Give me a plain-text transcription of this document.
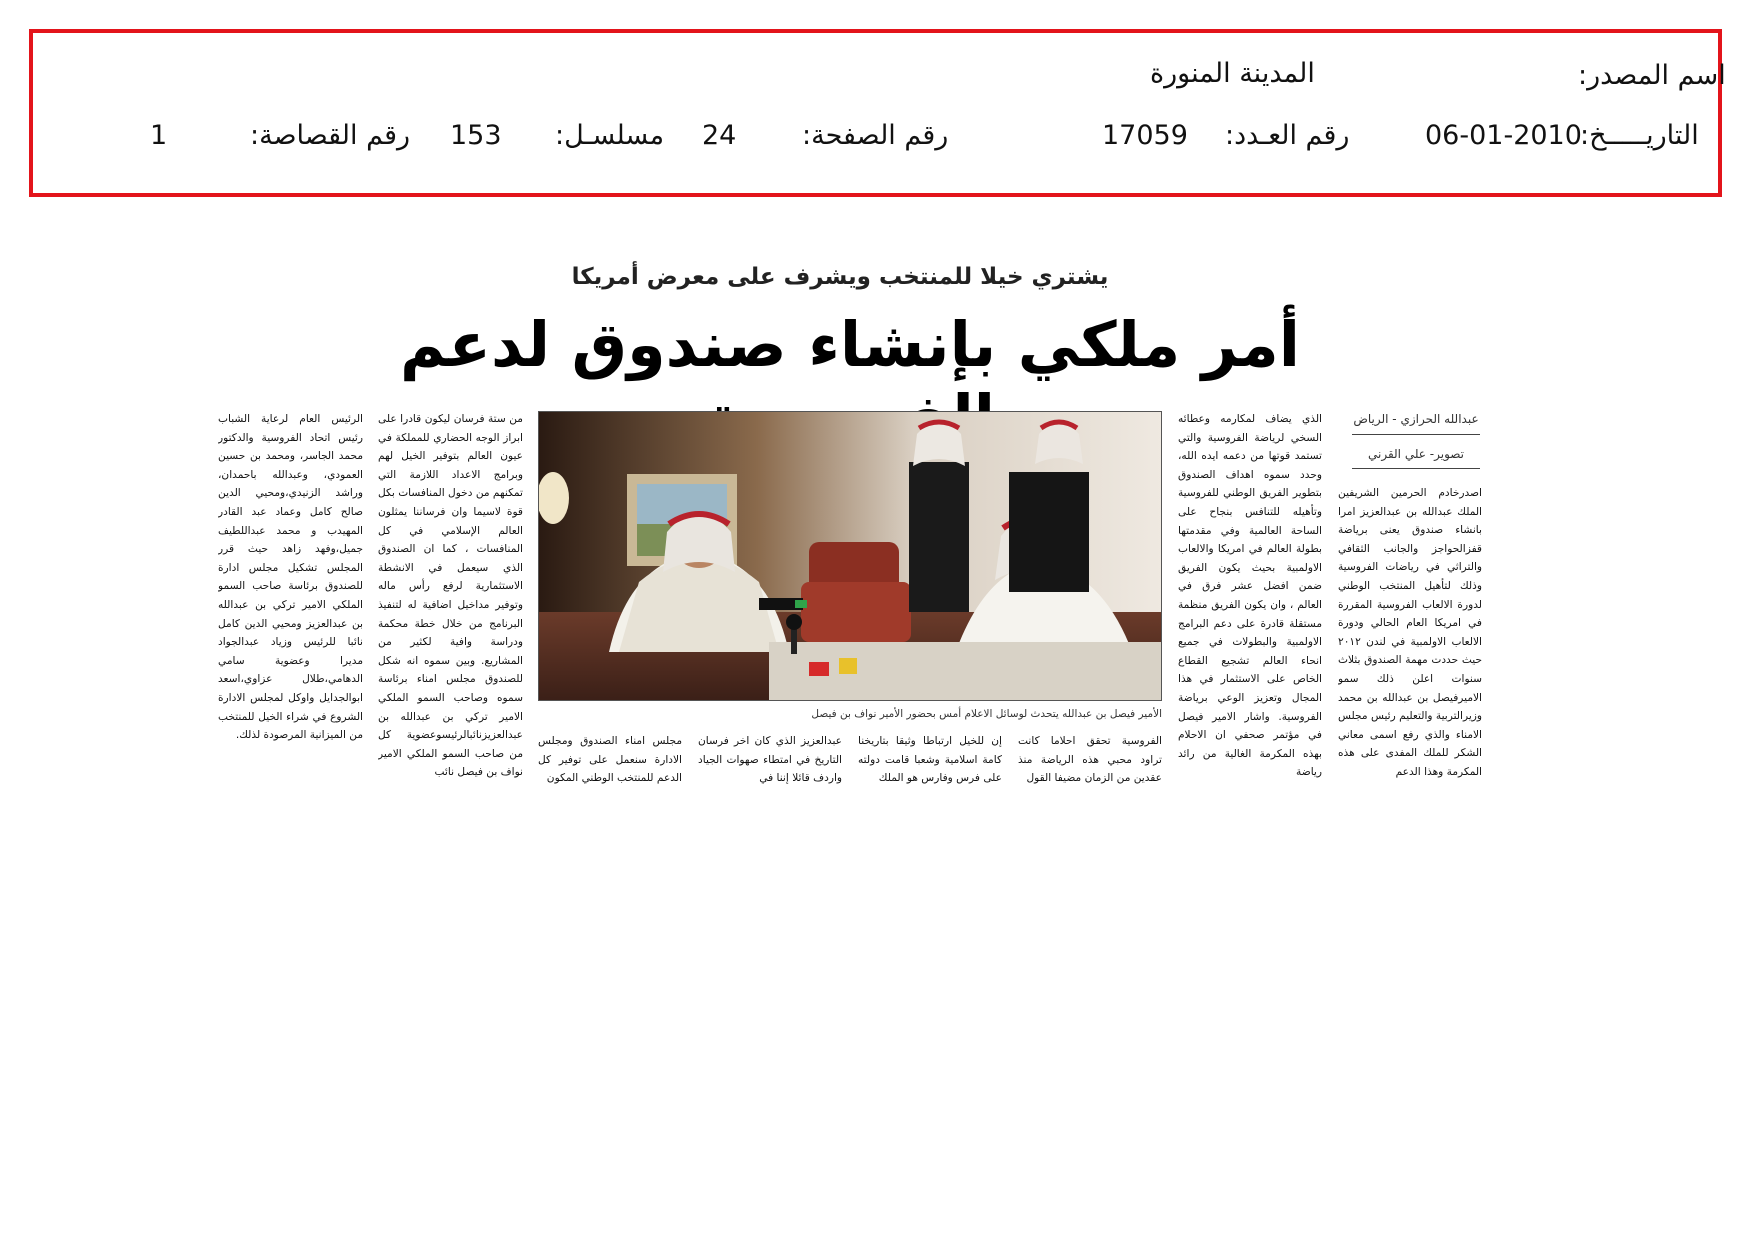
اسم المصدر:
المدينة المنورة
التاريـــــخ:
06-01-2010
رقم العـدد:
17059
رقم الصفحة:
24
مسلسـل:
153
رقم القصاصة:
1
يشتري خيلا للمنتخب ويشرف على معرض أمريكا
أمر ملكي بإنشاء صندوق لدعم
عبدالله الحرازي - الرياض
تصوير- علي القرني
اصدرخادم الحرمين الشريفين الملك عبدالله بن عبدالعزيز امرا بانشاء صندوق يعنى برياضة قفزالحواجز والجانب الثقافي والتراثي في رياضات الفروسية وذلك لتأهيل المنتخب الوطني لدورة الالعاب الفروسية المقررة في امريكا العام الحالي ودورة الالعاب الاولمبية في لندن ٢٠١٢ حيث حددت مهمة الصندوق بثلاث سنوات اعلن ذلك سمو الاميرفيصل بن عبدالله بن محمد وزيرالتربية والتعليم رئيس مجلس الامناء والذي رفع اسمى معاني الشكر للملك المفدى على هذه المكرمة وهذا الدعم
الذي يضاف لمكارمه وعطائه السخي لرياضة الفروسية والتي تستمد قوتها من دعمه ايده الله، وحدد سموه اهداف الصندوق بتطوير الفريق الوطني للفروسية وتأهيله للتنافس بنجاح على الساحة العالمية وفي مقدمتها بطولة العالم في امريكا والالعاب الاولمبية بحيث يكون الفريق ضمن افضل عشر فرق في العالم ، وان يكون الفريق منظمة مستقلة قادرة على دعم البرامج الاولمبية والبطولات في جميع انحاء العالم تشجيع القطاع الخاص على الاستثمار في هذا المجال وتعزيز الوعي برياضة الفروسية. واشار الامير فيصل في مؤتمر صحفي ان الاحلام بهذه المكرمة الغالية من رائد رياضة
الفروسية تحقق احلاما كانت تراود محبي هذه الرياضة منذ عقدين من الزمان مضيفا القول
إن للخيل ارتباطا وثيقا بتاريخنا كامة اسلامية وشعبا قامت دولته على فرس وفارس هو الملك
عبدالعزيز الذي كان اخر فرسان التاريخ في امتطاء صهوات الجياد واردف قائلا إننا في
مجلس امناء الصندوق ومجلس الادارة سنعمل على توفير كل الدعم للمنتخب الوطني المكون
من ستة فرسان ليكون قادرا على ابراز الوجه الحضاري للمملكة في عيون العالم بتوفير الخيل لهم وبرامج الاعداد اللازمة التي تمكنهم من دخول المنافسات بكل قوة لاسيما وان فرساننا يمثلون العالم الإسلامي في كل المنافسات ، كما ان الصندوق الذي سيعمل في الانشطة الاستثمارية لرفع رأس ماله وتوفير مداخيل اضافية له لتنفيذ البرنامج من خلال خطة محكمة ودراسة وافية لكثير من المشاريع. وبين سموه انه شكل للصندوق مجلس امناء برئاسة سموه وصاحب السمو الملكي الامير تركي بن عبدالله بن عبدالعزيزنائبالرئيسوعضوية كل من صاحب السمو الملكي الامير نواف بن فيصل نائب
الرئيس العام لرعاية الشباب رئيس اتحاد الفروسية والدكتور محمد الجاسر، ومحمد بن حسين العمودي، وعبدالله باحمدان، وراشد الزنيدي،ومحيي الدين صالح كامل وعماد عبد القادر المهيدب و محمد عبداللطيف جميل،وفهد زاهد حيث قرر المجلس تشكيل مجلس ادارة للصندوق برئاسة صاحب السمو الملكي الامير تركي بن عبدالله بن عبدالعزيز ومحيي الدين كامل نائبا للرئيس وزياد عبدالجواد مديرا وعضوية سامي الدهامي،طلال عزاوي،اسعد ابوالجدايل واوكل لمجلس الادارة الشروع في شراء الخيل للمنتخب من الميزانية المرصودة لذلك.
الأمير فيصل بن عبدالله يتحدث لوسائل الاعلام أمس بحضور الأمير نواف بن فيصل
